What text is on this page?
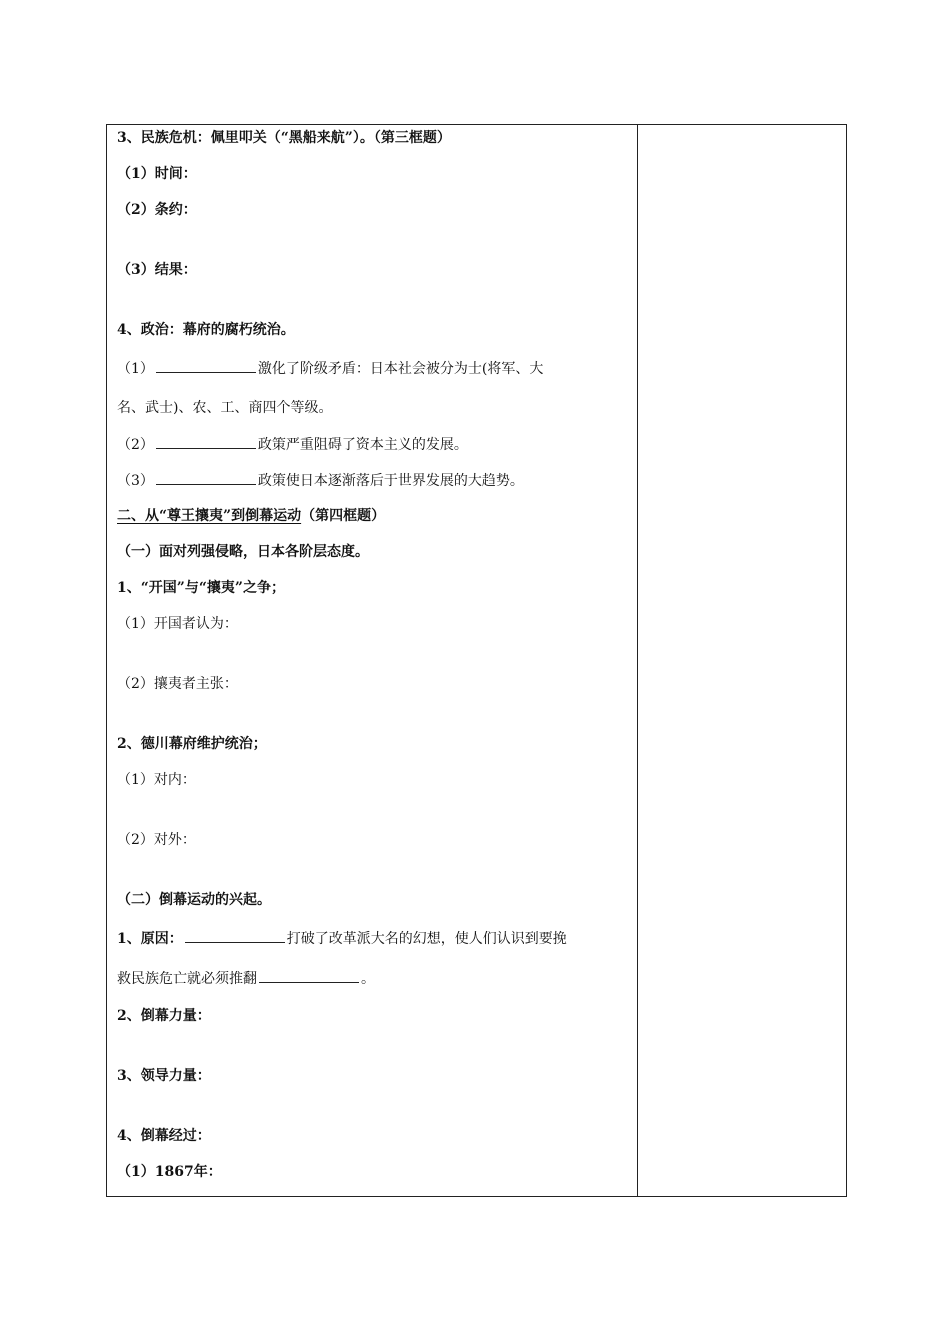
3、民族危机：佩里叩关（“黑船来航”）。（第三框题）
（1）时间：
（2）条约：
（3）结果：
4、政治：幕府的腐朽统治。
（1）	激化了阶级矛盾：日本社会被分为士(将军、大
名、武士)、农、工、商四个等级。
（2）	政策严重阻碍了资本主义的发展。
（3）	政策使日本逐渐落后于世界发展的大趋势。
二、从“尊王攘夷”到倒幕运动（第四框题）
（一）面对列强侵略，日本各阶层态度。
1、“开国”与“攘夷”之争；
（1）开国者认为：
（2）攘夷者主张：
2、德川幕府维护统治；
（1）对内：
（2）对外：
（二）倒幕运动的兴起。
1、原因：	打破了改革派大名的幻想，使人们认识到要挽
救民族危亡就必须推翻	。
2、倒幕力量：
3、领导力量：
4、倒幕经过：
（1）1867年：
